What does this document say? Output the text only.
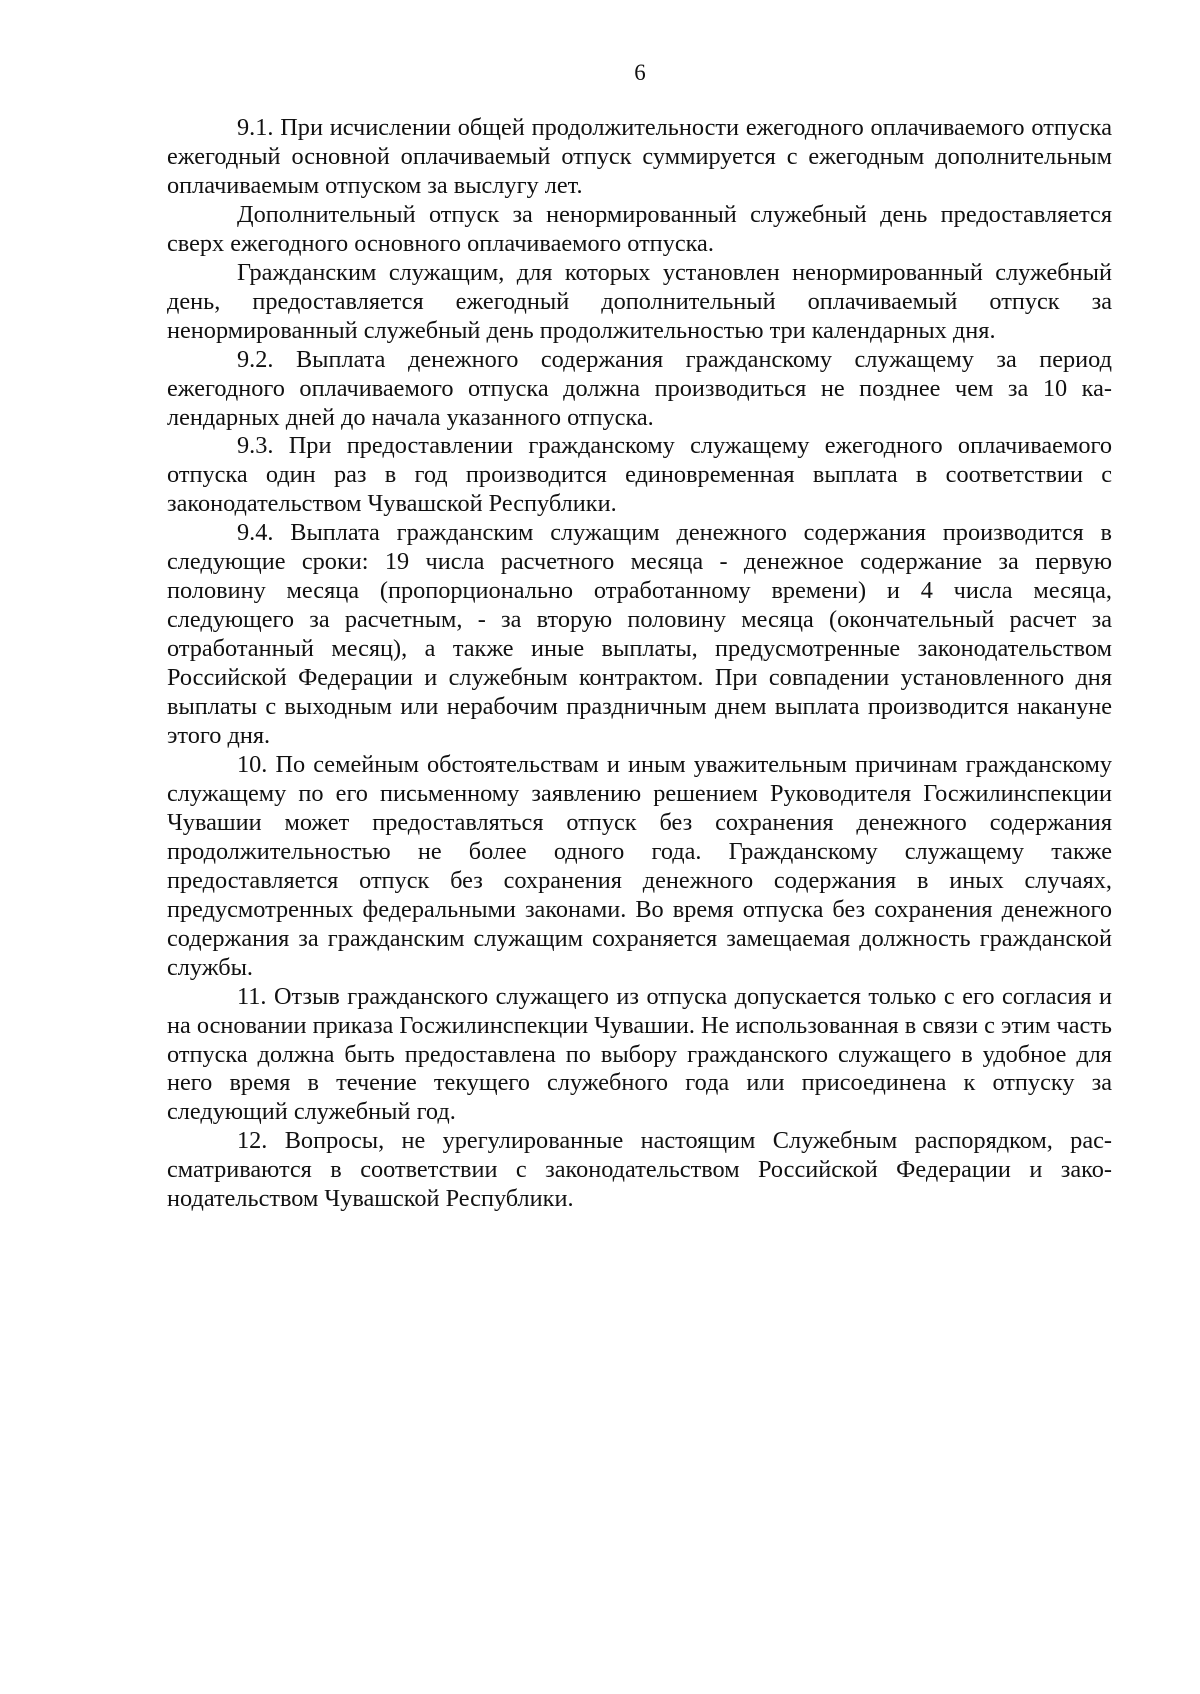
6

9.1. При исчислении общей продолжительности ежегодного оплачиваемого отпуска ежегодный основной оплачиваемый отпуск суммируется с ежегодным дополнительным оплачиваемым отпуском за выслугу лет.

Дополнительный отпуск за ненормированный служебный день предоставляется сверх ежегодного основного оплачиваемого отпуска.

Гражданским служащим, для которых установлен ненормированный служебный день, предоставляется ежегодный дополнительный оплачиваемый отпуск за ненормированный служебный день продолжительностью три календарных дня.

9.2. Выплата денежного содержания гражданскому служащему за период ежегодного оплачиваемого отпуска должна производиться не позднее чем за 10 календарных дней до начала указанного отпуска.

9.3. При предоставлении гражданскому служащему ежегодного оплачиваемого отпуска один раз в год производится единовременная выплата в соответствии с законодательством Чувашской Республики.

9.4. Выплата гражданским служащим денежного содержания производится в следующие сроки: 19 числа расчетного месяца - денежное содержание за первую половину месяца (пропорционально отработанному времени) и 4 числа месяца, следующего за расчетным, - за вторую половину месяца (окончательный расчет за отработанный месяц), а также иные выплаты, предусмотренные законодательством Российской Федерации и служебным контрактом. При совпадении установленного дня выплаты с выходным или нерабочим праздничным днем выплата производится накануне этого дня.

10. По семейным обстоятельствам и иным уважительным причинам гражданскому служащему по его письменному заявлению решением Руководителя Госжилинспекции Чувашии может предоставляться отпуск без сохранения денежного содержания продолжительностью не более одного года. Гражданскому служащему также предоставляется отпуск без сохранения денежного содержания в иных случаях, предусмотренных федеральными законами. Во время отпуска без сохранения денежного содержания за гражданским служащим сохраняется замещаемая должность гражданской службы.

11. Отзыв гражданского служащего из отпуска допускается только с его согласия и на основании приказа Госжилинспекции Чувашии. Не использованная в связи с этим часть отпуска должна быть предоставлена по выбору гражданского служащего в удобное для него время в течение текущего служебного года или присоединена к отпуску за следующий служебный год.

12. Вопросы, не урегулированные настоящим Служебным распорядком, рассматриваются в соответствии с законодательством Российской Федерации и законодательством Чувашской Республики.
